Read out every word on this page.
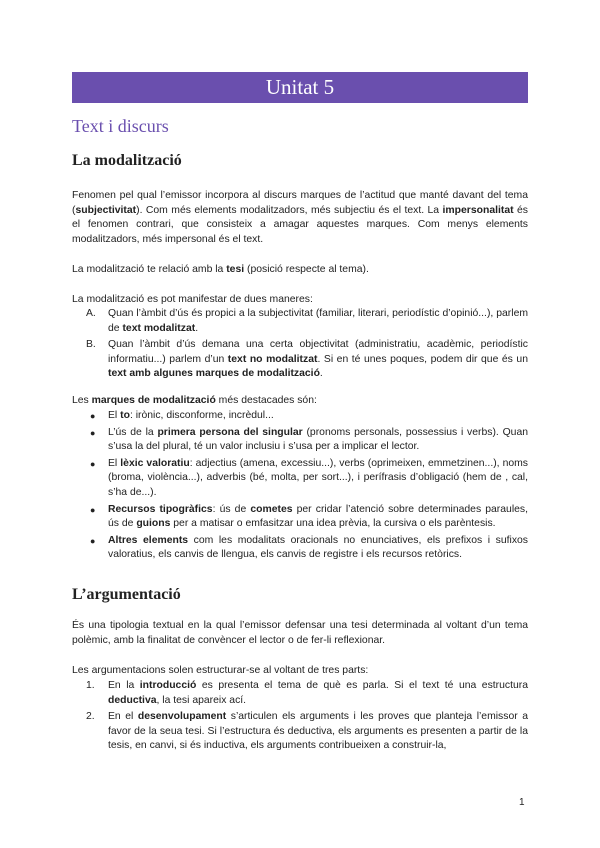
Unitat 5
Text i discurs
La modalització
Fenomen pel qual l’emissor incorpora al discurs marques de l’actitud que manté davant del tema (subjectivitat). Com més elements modalitzadors, més subjectiu és el text. La impersonalitat és el fenomen contrari, que consisteix a amagar aquestes marques. Com menys elements modalitzadors, més impersonal és el text.
La modalització te relació amb la tesi (posició respecte al tema).
La modalització es pot manifestar de dues maneres:
A. Quan l’àmbit d’ús és propici a la subjectivitat (familiar, literari, periodístic d’opinió...), parlem de text modalitzat.
B. Quan l’àmbit d’ús demana una certa objectivitat (administratiu, acadèmic, periodístic informatiu...) parlem d’un text no modalitzat. Si en té unes poques, podem dir que és un text amb algunes marques de modalització.
Les marques de modalització més destacades són:
● El to: irònic, disconforme, incrèdul...
● L’ús de la primera persona del singular (pronoms personals, possessius i verbs). Quan s’usa la del plural, té un valor inclusiu i s’usa per a implicar el lector.
● El lèxic valoratiu: adjectius (amena, excessiu...), verbs (oprimeixen, emmetzinen...), noms (broma, violència...), adverbis (bé, molta, per sort...), i perífrasis d’obligació (hem de , cal, s’ha de...).
● Recursos tipogràfics: ús de cometes per cridar l’atenció sobre determinades paraules, ús de guions per a matisar o emfasitzar una idea prèvia, la cursiva o els parèntesis.
● Altres elements com les modalitats oracionals no enunciatives, els prefixos i sufixos valoratius, els canvis de llengua, els canvis de registre i els recursos retòrics.
L’argumentació
És una tipologia textual en la qual l’emissor defensar una tesi determinada al voltant d’un tema polèmic, amb la finalitat de convèncer el lector o de fer-li reflexionar.
Les argumentacions solen estructurar-se al voltant de tres parts:
1. En la introducció es presenta el tema de què es parla. Si el text té una estructura deductiva, la tesi apareix ací.
2. En el desenvolupament s’articulen els arguments i les proves que planteja l’emissor a favor de la seua tesi. Si l’estructura és deductiva, els arguments es presenten a partir de la tesis, en canvi, si és inductiva, els arguments contribueixen a construir-la,
1
